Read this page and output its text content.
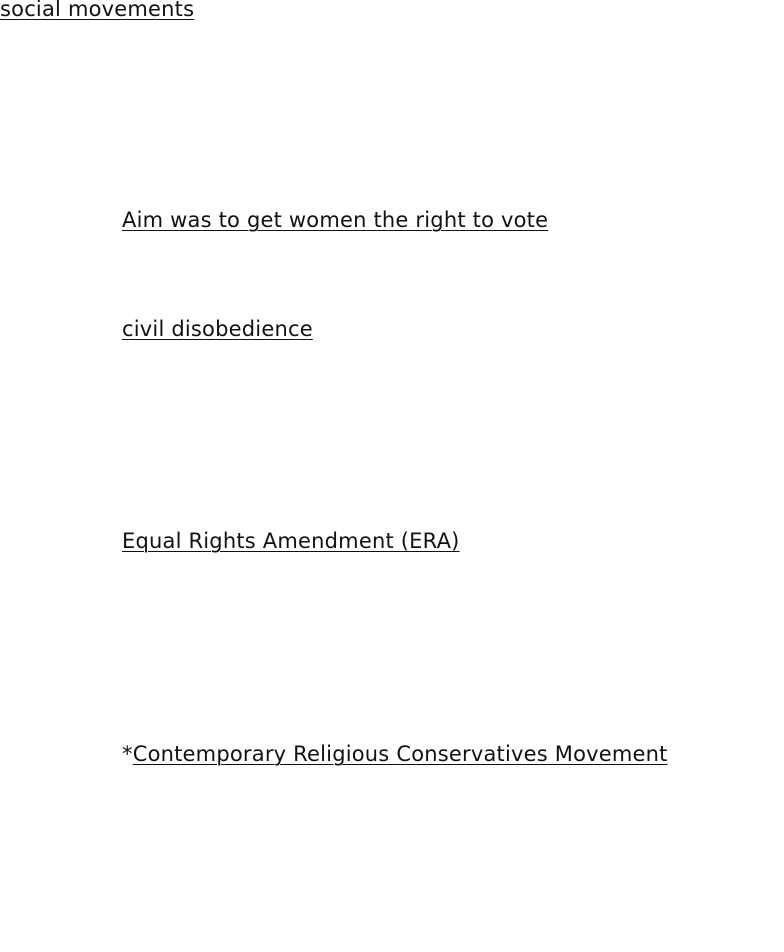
social movements
Aim was to get women the right to vote
civil disobedience
Equal Rights Amendment (ERA)
*Contemporary Religious Conservatives Movement
